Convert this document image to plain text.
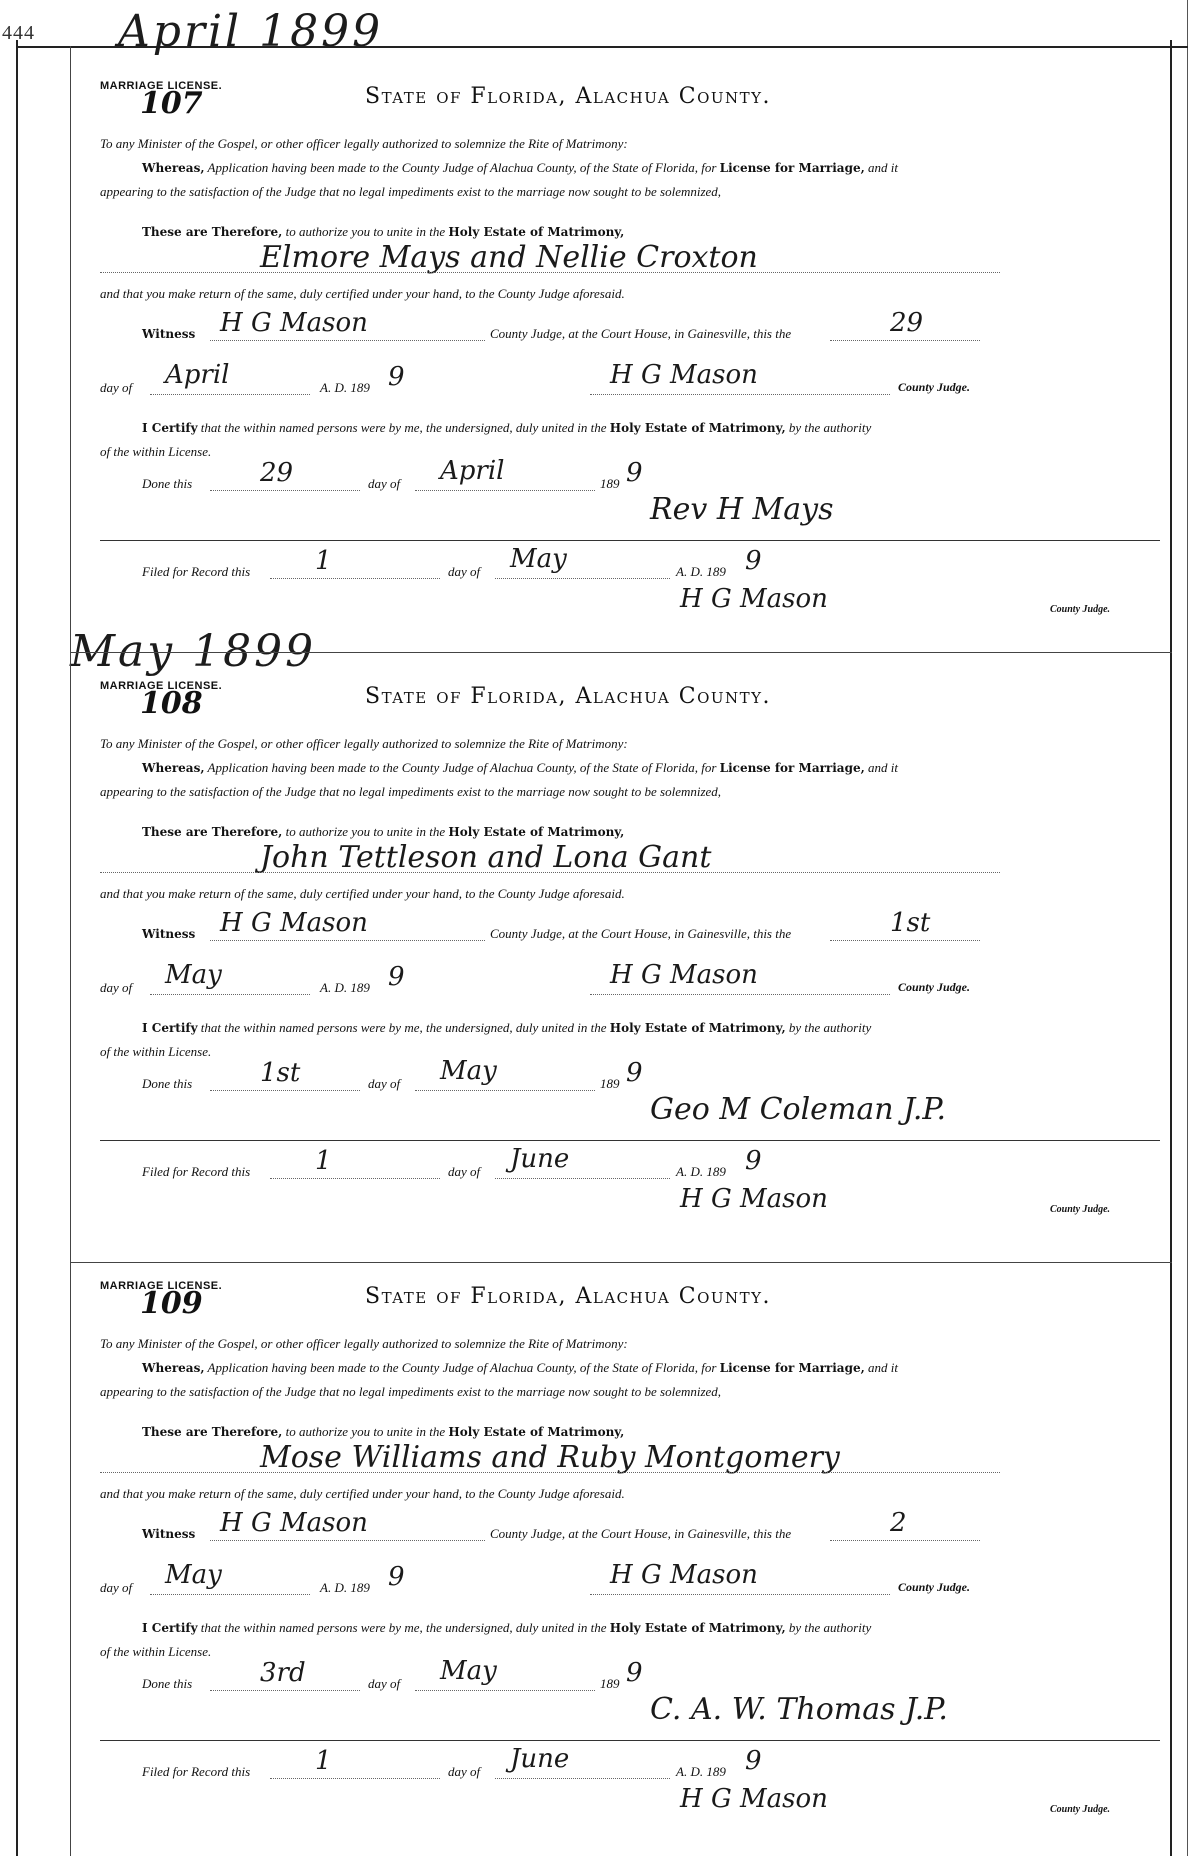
444 April 1899
May 1899
MARRIAGE LICENSE.
107	State of Florida, Alachua County.
To any Minister of the Gospel, or other officer legally authorized to solemnize the Rite of Matrimony:
Whereas, Application having been made to the County Judge of Alachua County, of the State of Florida, for License for Marriage, and it
appearing to the satisfaction of the Judge that no legal impediments exist to the marriage now sought to be solemnized,
These are Therefore, to authorize you to unite in the Holy Estate of Matrimony,
Elmore Mays and Nellie Croxton
and that you make return of the same, duly certified under your hand, to the County Judge aforesaid.
Witness H G Mason	County Judge, at the Court House, in Gainesville, this the	29
day of April	A. D. 189 9	H G Mason	County Judge.
I Certify that the within named persons were by me, the undersigned, duly united in the Holy Estate of Matrimony, by the authority
of the within License.
Done this	29	day of April	189 9
Rev H Mays
Filed for Record this 1	day of May	A. D. 189 9
H G Mason	County Judge.
MARRIAGE LICENSE.
108	State of Florida, Alachua County.
To any Minister of the Gospel, or other officer legally authorized to solemnize the Rite of Matrimony:
Whereas, Application having been made to the County Judge of Alachua County, of the State of Florida, for License for Marriage, and it
appearing to the satisfaction of the Judge that no legal impediments exist to the marriage now sought to be solemnized,
These are Therefore, to authorize you to unite in the Holy Estate of Matrimony,
John Tettleson and Lona Gant
and that you make return of the same, duly certified under your hand, to the County Judge aforesaid.
Witness H G Mason	County Judge, at the Court House, in Gainesville, this the	1st
day of May	A. D. 189 9	H G Mason	County Judge.
I Certify that the within named persons were by me, the undersigned, duly united in the Holy Estate of Matrimony, by the authority
of the within License.
Done this	1st	day of May	189 9
Geo M Coleman J.P.
Filed for Record this 1	day of June	A. D. 189 9
H G Mason	County Judge.
MARRIAGE LICENSE.
109	State of Florida, Alachua County.
To any Minister of the Gospel, or other officer legally authorized to solemnize the Rite of Matrimony:
Whereas, Application having been made to the County Judge of Alachua County, of the State of Florida, for License for Marriage, and it
appearing to the satisfaction of the Judge that no legal impediments exist to the marriage now sought to be solemnized,
These are Therefore, to authorize you to unite in the Holy Estate of Matrimony,
Mose Williams and Ruby Montgomery
and that you make return of the same, duly certified under your hand, to the County Judge aforesaid.
Witness H G Mason	County Judge, at the Court House, in Gainesville, this the	2
day of May	A. D. 189 9	H G Mason	County Judge.
I Certify that the within named persons were by me, the undersigned, duly united in the Holy Estate of Matrimony, by the authority
of the within License.
Done this	3rd	day of May	189 9
C. A. W. Thomas J.P.
Filed for Record this 1	day of June	A. D. 189 9
H G Mason	County Judge.
